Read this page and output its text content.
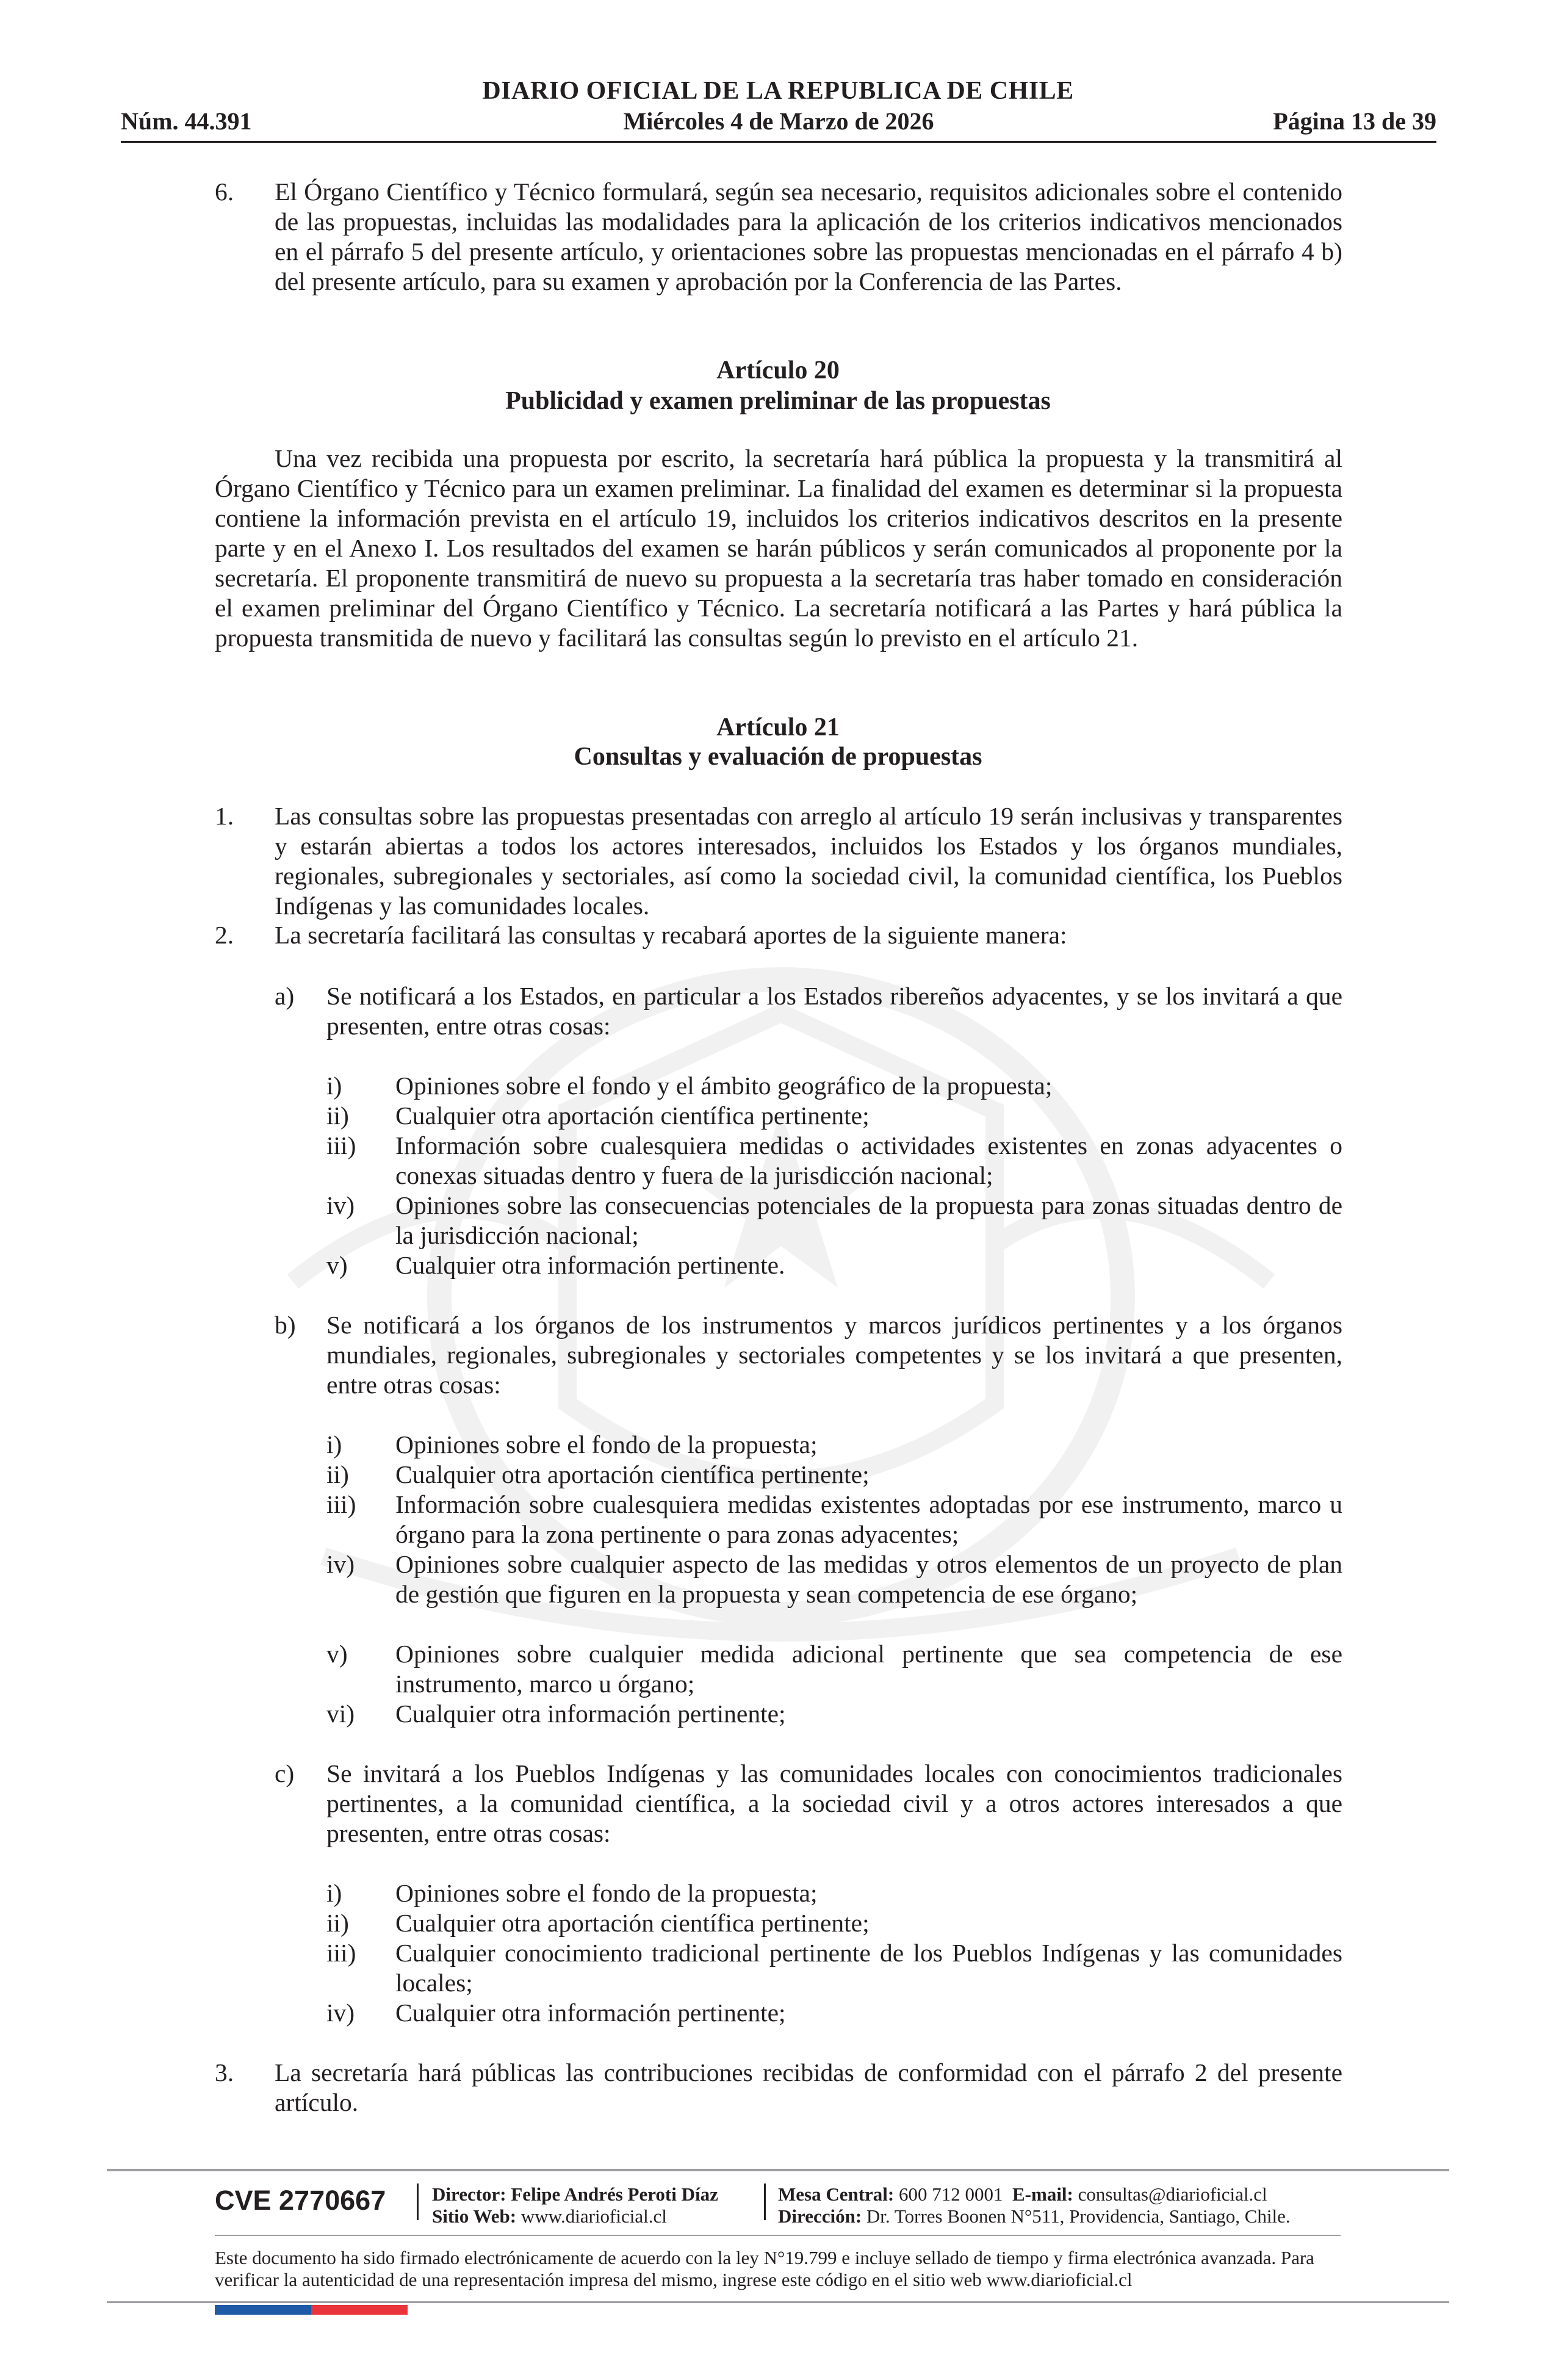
DIARIO OFICIAL DE LA REPUBLICA DE CHILE
Núm. 44.391	Miércoles 4 de Marzo de 2026	Página 13 de 39
6. El Órgano Científico y Técnico formulará, según sea necesario, requisitos adicionales sobre el contenido de las propuestas, incluidas las modalidades para la aplicación de los criterios indicativos mencionados en el párrafo 5 del presente artículo, y orientaciones sobre las propuestas mencionadas en el párrafo 4 b) del presente artículo, para su examen y aprobación por la Conferencia de las Partes.
Artículo 20
Publicidad y examen preliminar de las propuestas
Una vez recibida una propuesta por escrito, la secretaría hará pública la propuesta y la transmitirá al Órgano Científico y Técnico para un examen preliminar. La finalidad del examen es determinar si la propuesta contiene la información prevista en el artículo 19, incluidos los criterios indicativos descritos en la presente parte y en el Anexo I. Los resultados del examen se harán públicos y serán comunicados al proponente por la secretaría. El proponente transmitirá de nuevo su propuesta a la secretaría tras haber tomado en consideración el examen preliminar del Órgano Científico y Técnico. La secretaría notificará a las Partes y hará pública la propuesta transmitida de nuevo y facilitará las consultas según lo previsto en el artículo 21.
Artículo 21
Consultas y evaluación de propuestas
1. Las consultas sobre las propuestas presentadas con arreglo al artículo 19 serán inclusivas y transparentes y estarán abiertas a todos los actores interesados, incluidos los Estados y los órganos mundiales, regionales, subregionales y sectoriales, así como la sociedad civil, la comunidad científica, los Pueblos Indígenas y las comunidades locales.
2. La secretaría facilitará las consultas y recabará aportes de la siguiente manera:
a) Se notificará a los Estados, en particular a los Estados ribereños adyacentes, y se los invitará a que presenten, entre otras cosas:
i) Opiniones sobre el fondo y el ámbito geográfico de la propuesta;
ii) Cualquier otra aportación científica pertinente;
iii) Información sobre cualesquiera medidas o actividades existentes en zonas adyacentes o conexas situadas dentro y fuera de la jurisdicción nacional;
iv) Opiniones sobre las consecuencias potenciales de la propuesta para zonas situadas dentro de la jurisdicción nacional;
v) Cualquier otra información pertinente.
b) Se notificará a los órganos de los instrumentos y marcos jurídicos pertinentes y a los órganos mundiales, regionales, subregionales y sectoriales competentes y se los invitará a que presenten, entre otras cosas:
i) Opiniones sobre el fondo de la propuesta;
ii) Cualquier otra aportación científica pertinente;
iii) Información sobre cualesquiera medidas existentes adoptadas por ese instrumento, marco u órgano para la zona pertinente o para zonas adyacentes;
iv) Opiniones sobre cualquier aspecto de las medidas y otros elementos de un proyecto de plan de gestión que figuren en la propuesta y sean competencia de ese órgano;
v) Opiniones sobre cualquier medida adicional pertinente que sea competencia de ese instrumento, marco u órgano;
vi) Cualquier otra información pertinente;
c) Se invitará a los Pueblos Indígenas y las comunidades locales con conocimientos tradicionales pertinentes, a la comunidad científica, a la sociedad civil y a otros actores interesados a que presenten, entre otras cosas:
i) Opiniones sobre el fondo de la propuesta;
ii) Cualquier otra aportación científica pertinente;
iii) Cualquier conocimiento tradicional pertinente de los Pueblos Indígenas y las comunidades locales;
iv) Cualquier otra información pertinente;
3. La secretaría hará públicas las contribuciones recibidas de conformidad con el párrafo 2 del presente artículo.
CVE 2770667 Director: Felipe Andrés Peroti Díaz
Sitio Web: www.diarioficial.cl
Mesa Central: 600 712 0001 E-mail: consultas@diarioficial.cl
Dirección: Dr. Torres Boonen N°511, Providencia, Santiago, Chile.
Este documento ha sido firmado electrónicamente de acuerdo con la ley N°19.799 e incluye sellado de tiempo y firma electrónica avanzada. Para verificar la autenticidad de una representación impresa del mismo, ingrese este código en el sitio web www.diarioficial.cl
